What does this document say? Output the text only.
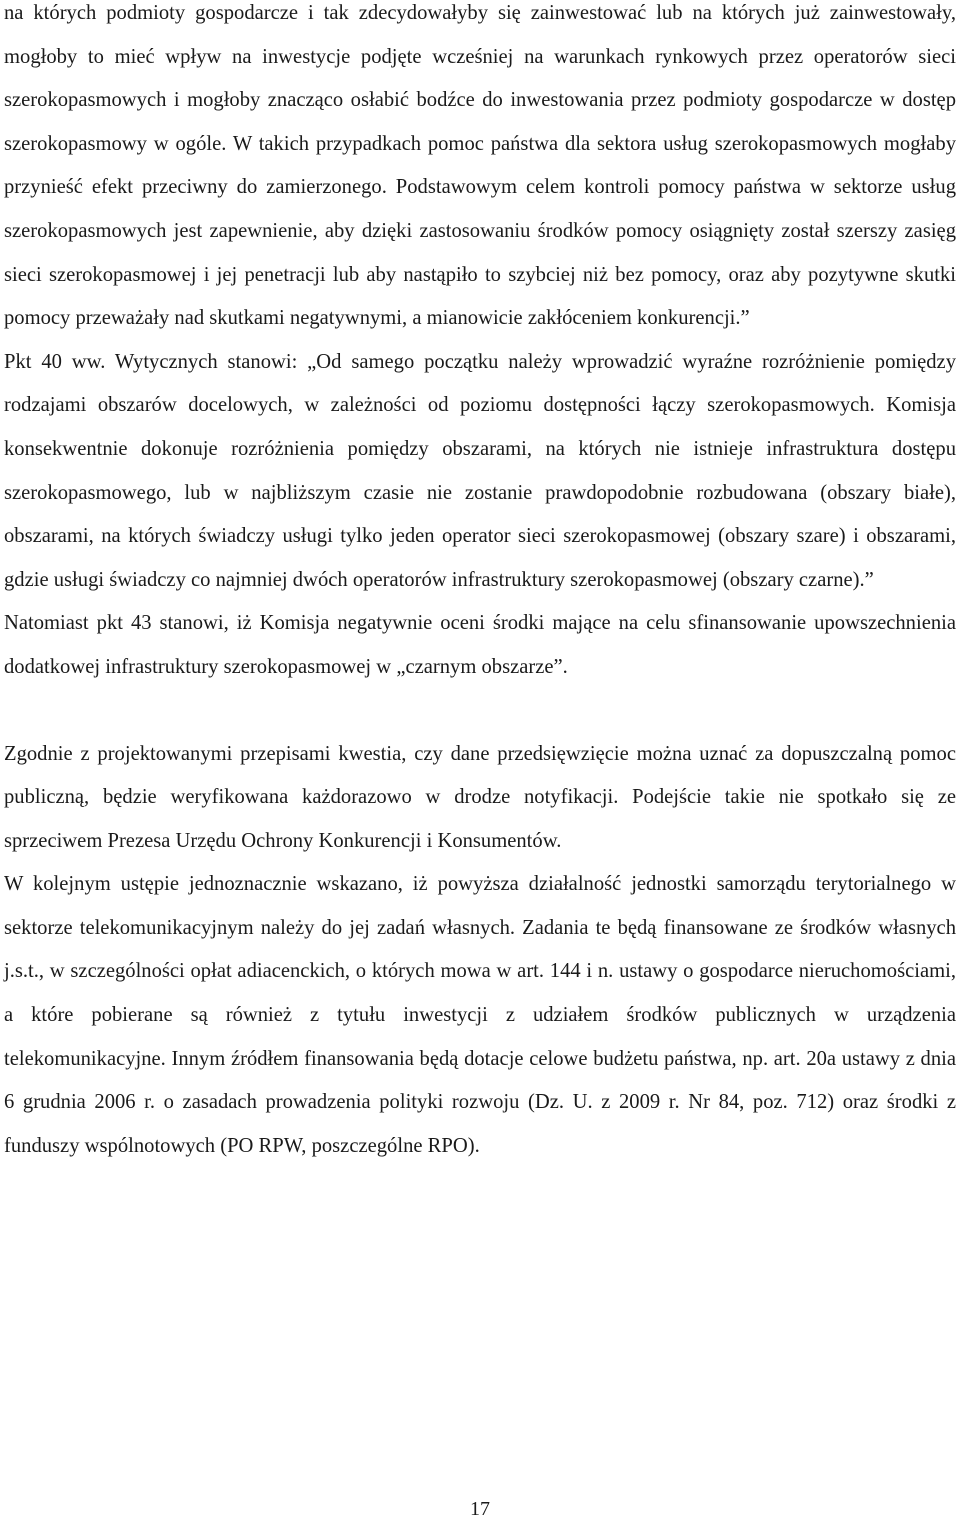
na których podmioty gospodarcze i tak zdecydowałyby się zainwestować lub na których już zainwestowały, mogłoby to mieć wpływ na inwestycje podjęte wcześniej na warunkach rynkowych przez operatorów sieci szerokopasmowych i mogłoby znacząco osłabić bodźce do inwestowania przez podmioty gospodarcze w dostęp szerokopasmowy w ogóle. W takich przypadkach pomoc państwa dla sektora usług szerokopasmowych mogłaby przynieść efekt przeciwny do zamierzonego. Podstawowym celem kontroli pomocy państwa w sektorze usług szerokopasmowych jest zapewnienie, aby dzięki zastosowaniu środków pomocy osiągnięty został szerszy zasięg sieci szerokopasmowej i jej penetracji lub aby nastąpiło to szybciej niż bez pomocy, oraz aby pozytywne skutki pomocy przeważały nad skutkami negatywnymi, a mianowicie zakłóceniem konkurencji.”

Pkt 40 ww. Wytycznych stanowi: „Od samego początku należy wprowadzić wyraźne rozróżnienie pomiędzy rodzajami obszarów docelowych, w zależności od poziomu dostępności łączy szerokopasmowych. Komisja konsekwentnie dokonuje rozróżnienia pomiędzy obszarami, na których nie istnieje infrastruktura dostępu szerokopasmowego, lub w najbliższym czasie nie zostanie prawdopodobnie rozbudowana (obszary białe), obszarami, na których świadczy usługi tylko jeden operator sieci szerokopasmowej (obszary szare) i obszarami, gdzie usługi świadczy co najmniej dwóch operatorów infrastruktury szerokopasmowej (obszary czarne).”

Natomiast pkt 43 stanowi, iż Komisja negatywnie oceni środki mające na celu sfinansowanie upowszechnienia dodatkowej infrastruktury szerokopasmowej w „czarnym obszarze”.

Zgodnie z projektowanymi przepisami kwestia, czy dane przedsięwzięcie można uznać za dopuszczalną pomoc publiczną, będzie weryfikowana każdorazowo w drodze notyfikacji. Podejście takie nie spotkało się ze sprzeciwem Prezesa Urzędu Ochrony Konkurencji i Konsumentów.

W kolejnym ustępie jednoznacznie wskazano, iż powyższa działalność jednostki samorządu terytorialnego w sektorze telekomunikacyjnym należy do jej zadań własnych. Zadania te będą finansowane ze środków własnych j.s.t., w szczególności opłat adiacenckich, o których mowa w art. 144 i n. ustawy o gospodarce nieruchomościami, a które pobierane są również z tytułu inwestycji z udziałem środków publicznych w urządzenia telekomunikacyjne. Innym źródłem finansowania będą dotacje celowe budżetu państwa, np. art. 20a ustawy z dnia 6 grudnia 2006 r. o zasadach prowadzenia polityki rozwoju (Dz. U. z 2009 r. Nr 84, poz. 712) oraz środki z funduszy wspólnotowych (PO RPW, poszczególne RPO).

17
